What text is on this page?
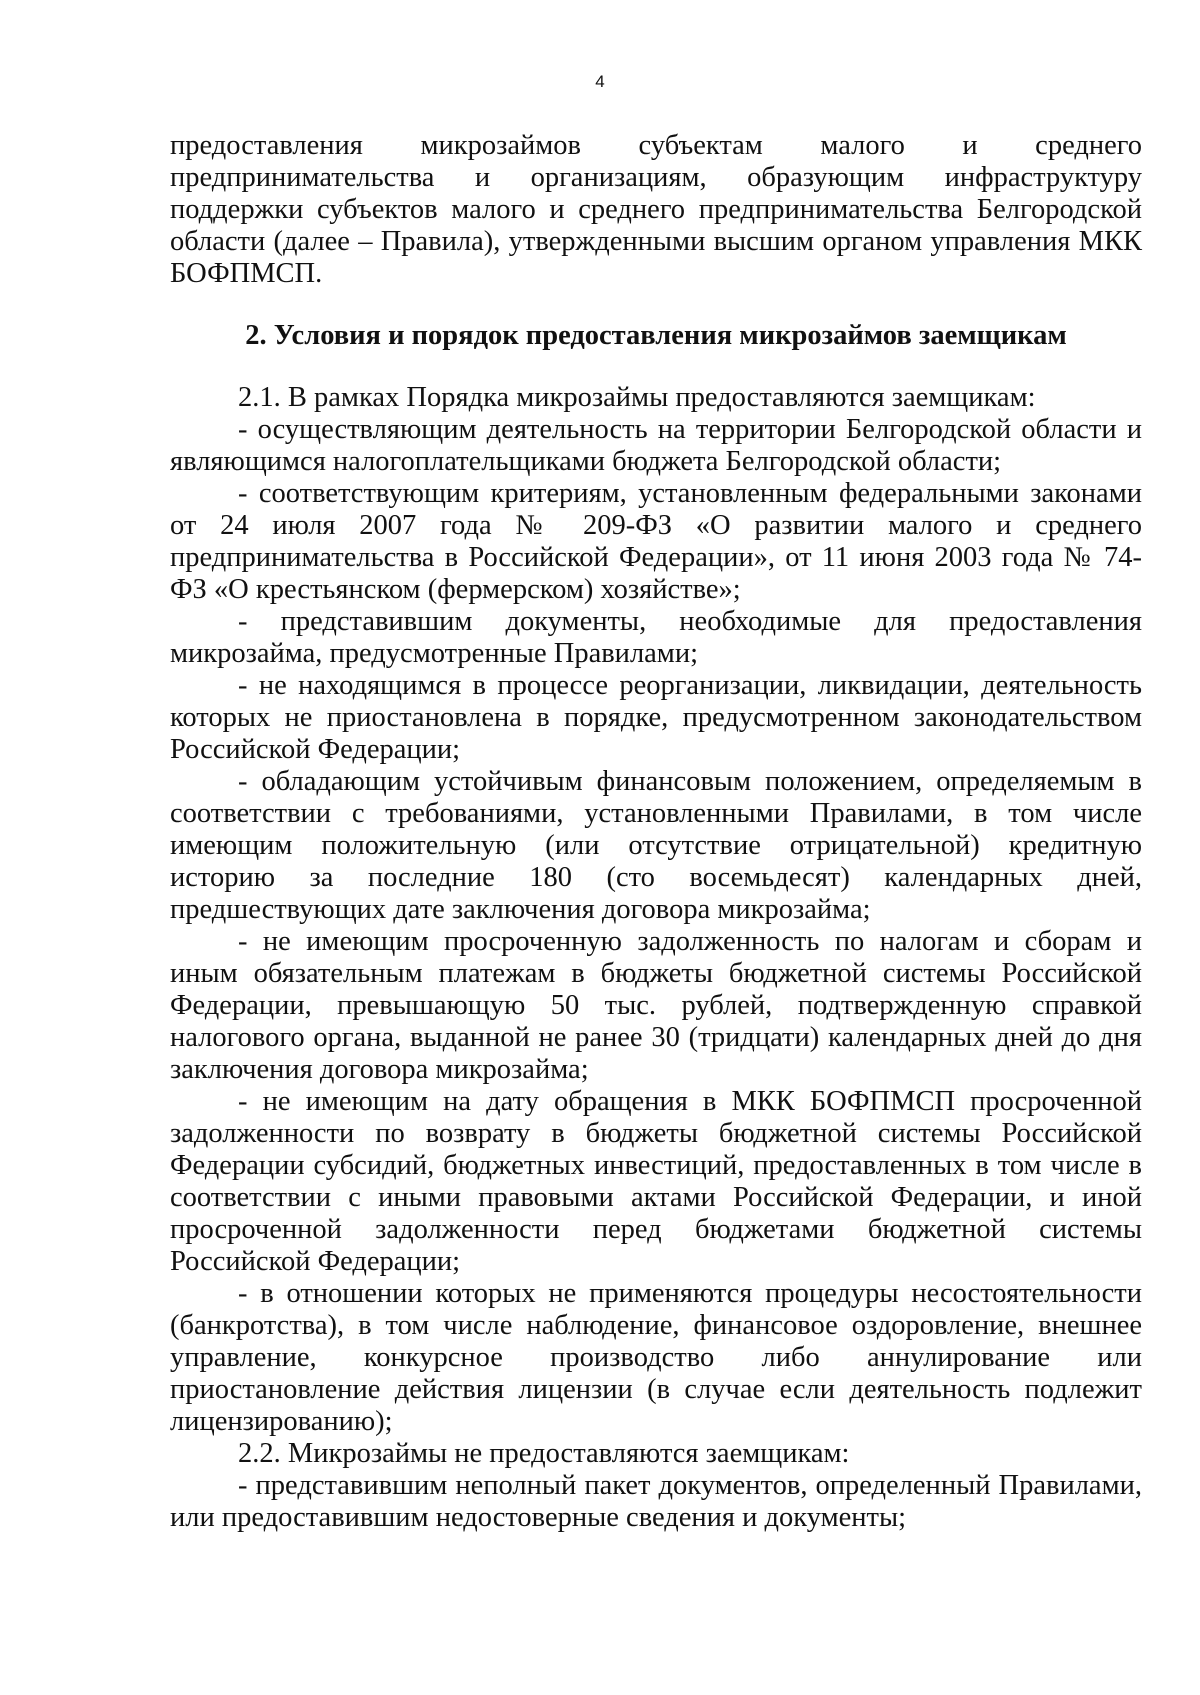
4

предоставления микрозаймов субъектам малого и среднего предпринимательства и организациям, образующим инфраструктуру поддержки субъектов малого и среднего предпринимательства Белгородской области (далее – Правила), утвержденными высшим органом управления МКК БОФПМСП.

2. Условия и порядок предоставления микрозаймов заемщикам

2.1. В рамках Порядка микрозаймы предоставляются заемщикам:

- осуществляющим деятельность на территории Белгородской области и являющимся налогоплательщиками бюджета Белгородской области;

- соответствующим критериям, установленным федеральными законами от 24 июля 2007 года № 209-ФЗ «О развитии малого и среднего предпринимательства в Российской Федерации», от 11 июня 2003 года № 74-ФЗ «О крестьянском (фермерском) хозяйстве»;

- представившим документы, необходимые для предоставления микрозайма, предусмотренные Правилами;

- не находящимся в процессе реорганизации, ликвидации, деятельность которых не приостановлена в порядке, предусмотренном законодательством Российской Федерации;

- обладающим устойчивым финансовым положением, определяемым в соответствии с требованиями, установленными Правилами, в том числе имеющим положительную (или отсутствие отрицательной) кредитную историю за последние 180 (сто восемьдесят) календарных дней, предшествующих дате заключения договора микрозайма;

- не имеющим просроченную задолженность по налогам и сборам и иным обязательным платежам в бюджеты бюджетной системы Российской Федерации, превышающую 50 тыс. рублей, подтвержденную справкой налогового органа, выданной не ранее 30 (тридцати) календарных дней до дня заключения договора микрозайма;

- не имеющим на дату обращения в МКК БОФПМСП просроченной задолженности по возврату в бюджеты бюджетной системы Российской Федерации субсидий, бюджетных инвестиций, предоставленных в том числе в соответствии с иными правовыми актами Российской Федерации, и иной просроченной задолженности перед бюджетами бюджетной системы Российской Федерации;

- в отношении которых не применяются процедуры несостоятельности (банкротства), в том числе наблюдение, финансовое оздоровление, внешнее управление, конкурсное производство либо аннулирование или приостановление действия лицензии (в случае если деятельность подлежит лицензированию);

2.2. Микрозаймы не предоставляются заемщикам:

- представившим неполный пакет документов, определенный Правилами, или предоставившим недостоверные сведения и документы;
